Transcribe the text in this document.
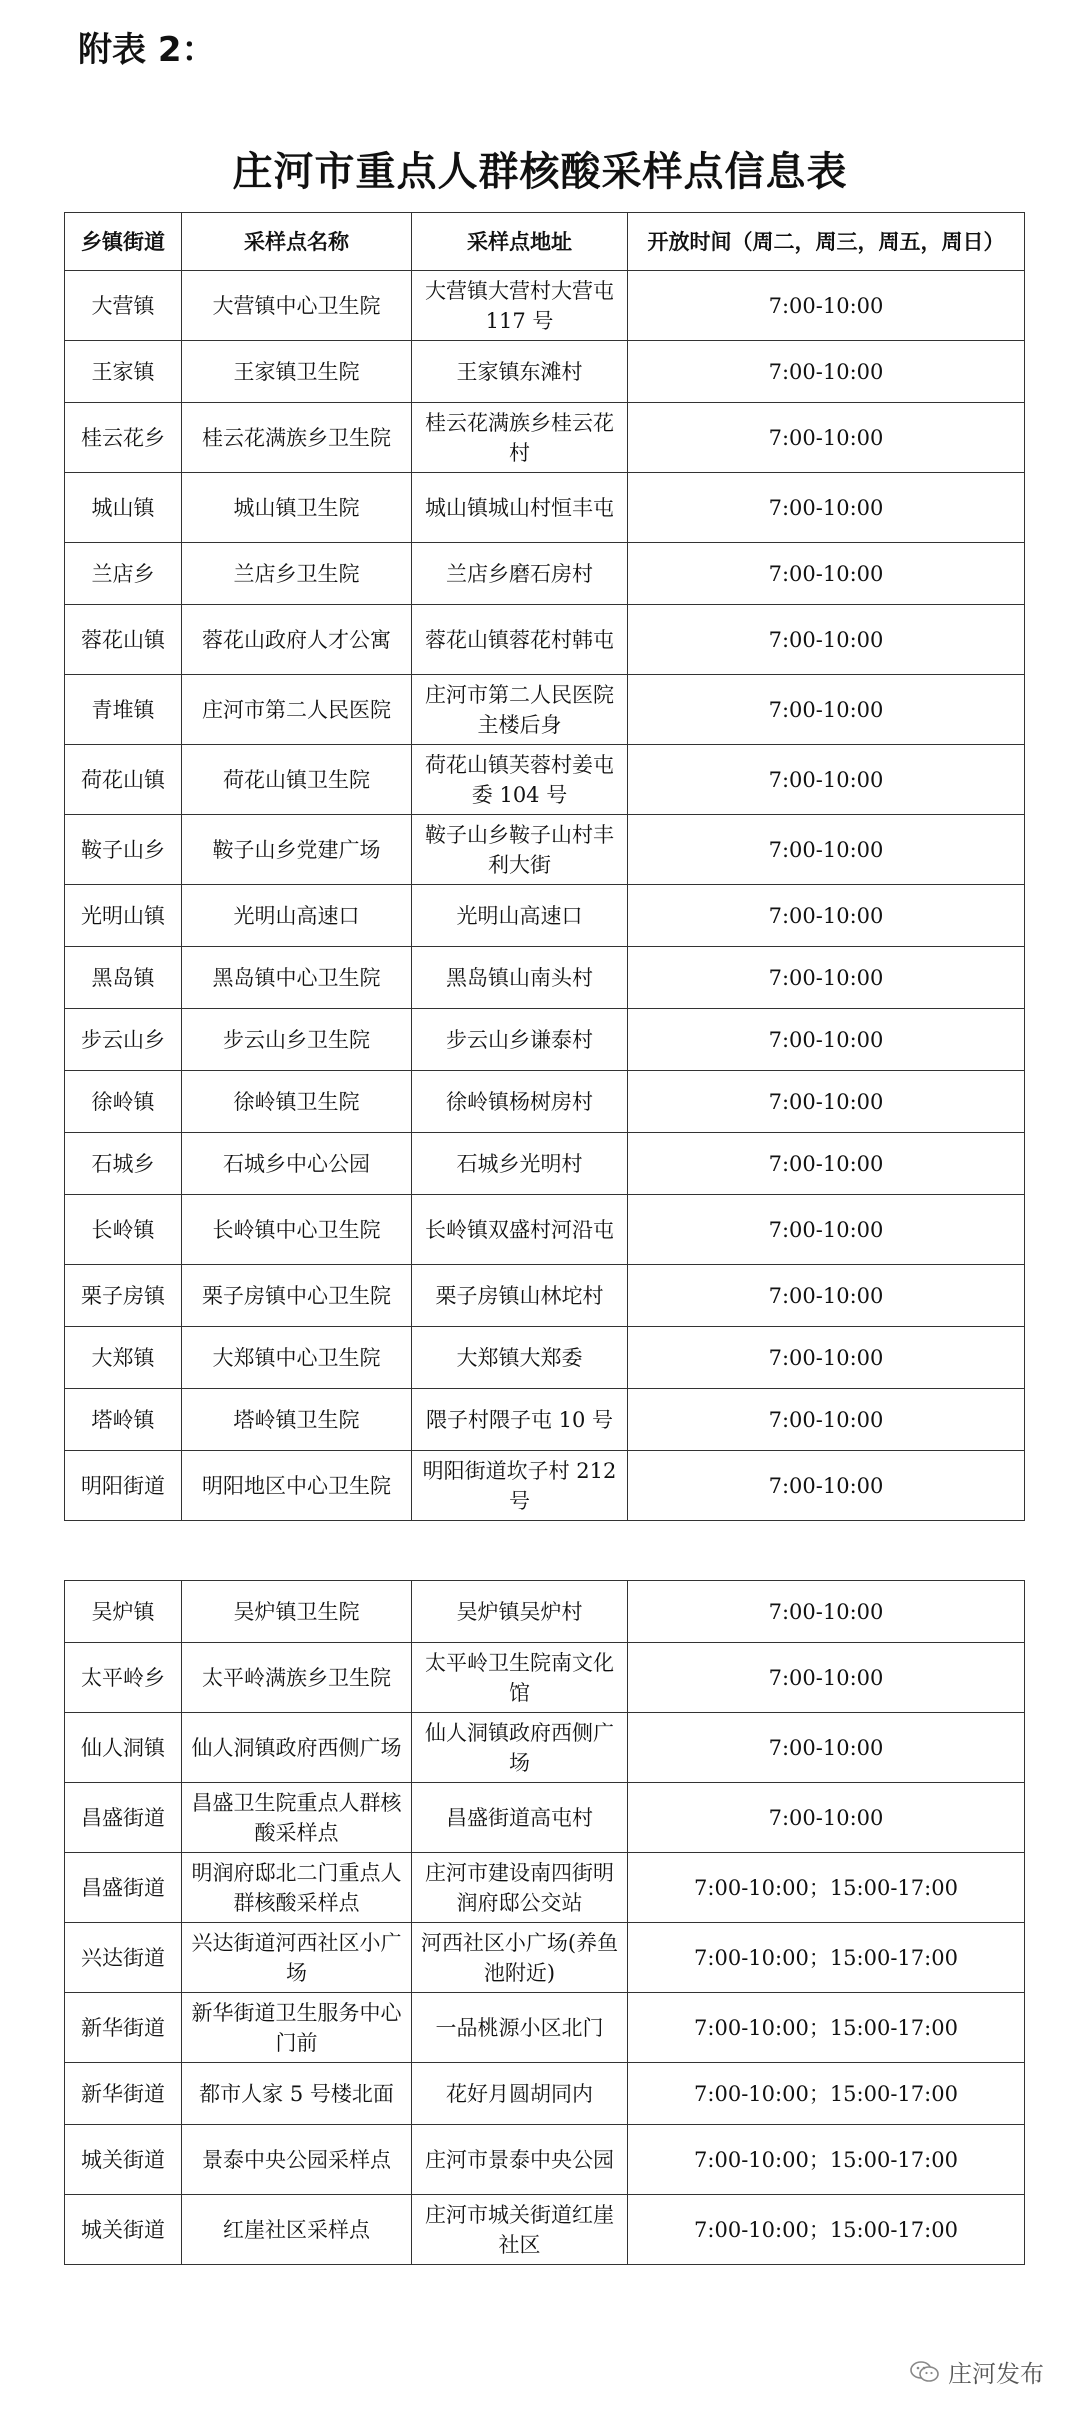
附表 2：
庄河市重点人群核酸采样点信息表
乡镇街道	采样点名称	采样点地址	开放时间（周二，周三，周五，周日）
大营镇	大营镇中心卫生院	大营镇大营村大营屯 117 号	7:00-10:00
王家镇	王家镇卫生院	王家镇东滩村	7:00-10:00
桂云花乡	桂云花满族乡卫生院	桂云花满族乡桂云花村	7:00-10:00
城山镇	城山镇卫生院	城山镇城山村恒丰屯	7:00-10:00
兰店乡	兰店乡卫生院	兰店乡磨石房村	7:00-10:00
蓉花山镇	蓉花山政府人才公寓	蓉花山镇蓉花村韩屯	7:00-10:00
青堆镇	庄河市第二人民医院	庄河市第二人民医院主楼后身	7:00-10:00
荷花山镇	荷花山镇卫生院	荷花山镇芙蓉村姜屯委 104 号	7:00-10:00
鞍子山乡	鞍子山乡党建广场	鞍子山乡鞍子山村丰利大街	7:00-10:00
光明山镇	光明山高速口	光明山高速口	7:00-10:00
黑岛镇	黑岛镇中心卫生院	黑岛镇山南头村	7:00-10:00
步云山乡	步云山乡卫生院	步云山乡谦泰村	7:00-10:00
徐岭镇	徐岭镇卫生院	徐岭镇杨树房村	7:00-10:00
石城乡	石城乡中心公园	石城乡光明村	7:00-10:00
长岭镇	长岭镇中心卫生院	长岭镇双盛村河沿屯	7:00-10:00
栗子房镇	栗子房镇中心卫生院	栗子房镇山林坨村	7:00-10:00
大郑镇	大郑镇中心卫生院	大郑镇大郑委	7:00-10:00
塔岭镇	塔岭镇卫生院	隈子村隈子屯 10 号	7:00-10:00
明阳街道	明阳地区中心卫生院	明阳街道坎子村 212 号	7:00-10:00
吴炉镇	吴炉镇卫生院	吴炉镇吴炉村	7:00-10:00
太平岭乡	太平岭满族乡卫生院	太平岭卫生院南文化馆	7:00-10:00
仙人洞镇	仙人洞镇政府西侧广场	仙人洞镇政府西侧广场	7:00-10:00
昌盛街道	昌盛卫生院重点人群核酸采样点	昌盛街道高屯村	7:00-10:00
昌盛街道	明润府邸北二门重点人群核酸采样点	庄河市建设南四街明润府邸公交站	7:00-10:00；15:00-17:00
兴达街道	兴达街道河西社区小广场	河西社区小广场(养鱼池附近)	7:00-10:00；15:00-17:00
新华街道	新华街道卫生服务中心门前	一品桃源小区北门	7:00-10:00；15:00-17:00
新华街道	都市人家 5 号楼北面	花好月圆胡同内	7:00-10:00；15:00-17:00
城关街道	景泰中央公园采样点	庄河市景泰中央公园	7:00-10:00；15:00-17:00
城关街道	红崖社区采样点	庄河市城关街道红崖社区	7:00-10:00；15:00-17:00
庄河发布
